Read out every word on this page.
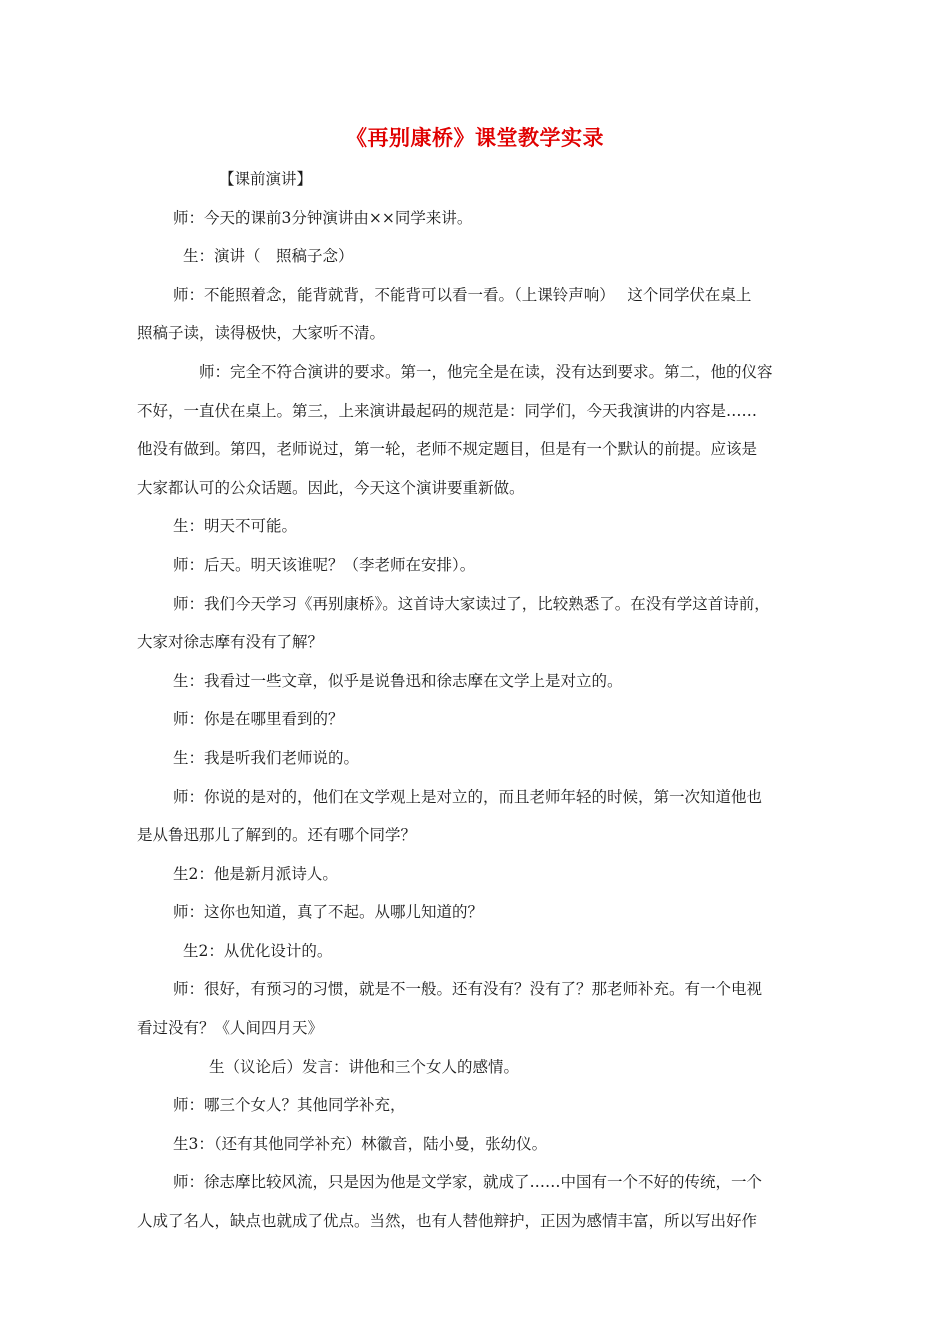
《再别康桥》课堂教学实录

【课前演讲】

师：今天的课前3分钟演讲由××同学来讲。

生：演讲（　照稿子念）

师：不能照着念，能背就背，不能背可以看一看。（上课铃声响）　 这个同学伏在桌上

照稿子读，读得极快，大家听不清。

师：完全不符合演讲的要求。第一，他完全是在读，没有达到要求。第二，他的仪容

不好，一直伏在桌上。第三，上来演讲最起码的规范是：同学们，今天我演讲的内容是……

他没有做到。第四，老师说过，第一轮，老师不规定题目，但是有一个默认的前提。应该是

大家都认可的公众话题。因此，今天这个演讲要重新做。

生：明天不可能。

师：后天。明天该谁呢？（李老师在安排）。

师：我们今天学习《再别康桥》。这首诗大家读过了，比较熟悉了。在没有学这首诗前，

大家对徐志摩有没有了解？

生：我看过一些文章，似乎是说鲁迅和徐志摩在文学上是对立的。

师：你是在哪里看到的？

生：我是听我们老师说的。

师：你说的是对的，他们在文学观上是对立的，而且老师年轻的时候，第一次知道他也

是从鲁迅那儿了解到的。还有哪个同学？

生2：他是新月派诗人。

师：这你也知道，真了不起。从哪儿知道的？

生2：从优化设计的。

师：很好，有预习的习惯，就是不一般。还有没有？没有了？那老师补充。有一个电视

看过没有？《人间四月天》

生（议论后）发言：讲他和三个女人的感情。

师：哪三个女人？其他同学补充，

生3：（还有其他同学补充）林徽音，陆小曼，张幼仪。

师：徐志摩比较风流，只是因为他是文学家，就成了……中国有一个不好的传统，一个

人成了名人，缺点也就成了优点。当然，也有人替他辩护，正因为感情丰富，所以写出好作
